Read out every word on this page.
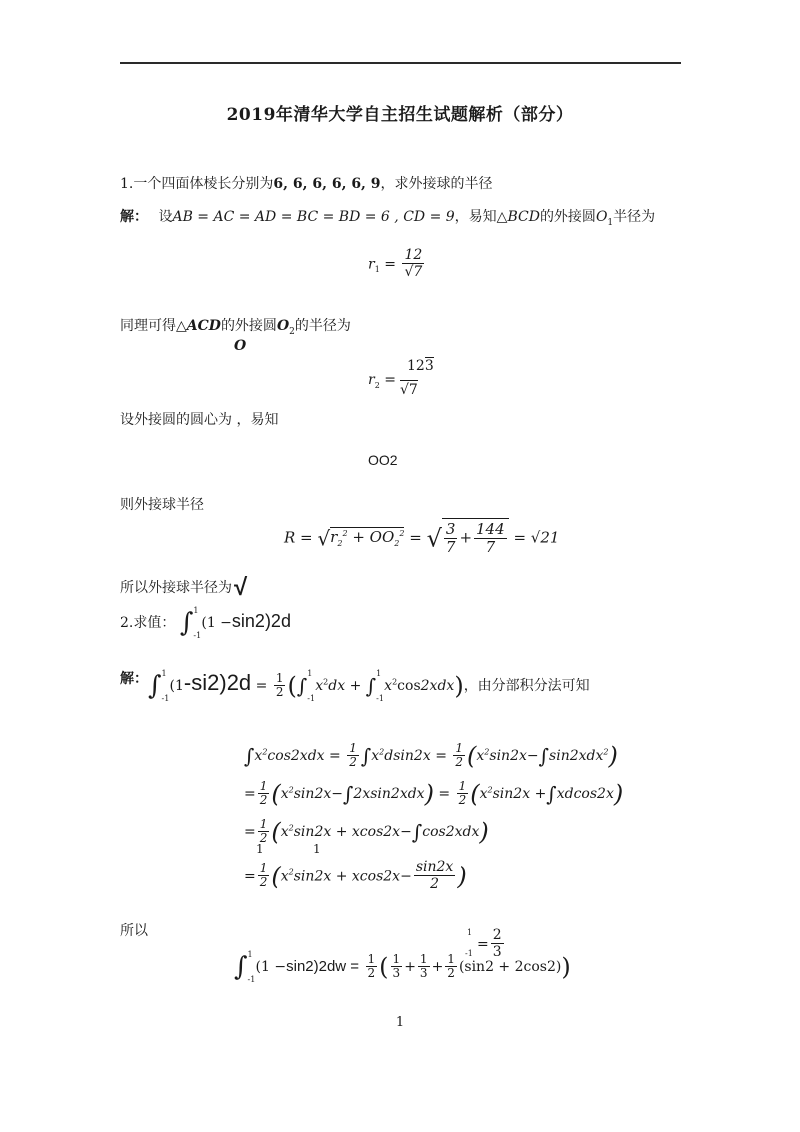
2019年清华大学自主招生试题解析（部分）
1.一个四面体棱长分别为6, 6, 6, 6, 6, 9，求外接球的半径
解： 设AB = AC = AD = BC = BD = 6 , CD = 9，易知△BCD的外接圆$O_1$半径为
$r_1 = \frac{12}{√7}$
同理可得△ACD的外接圆$O_2$的半径为
O
$r_2$ =
123
√7
设外接圆的圆心为 ，易知
OO2
则外接球半径
$R = √r_2^2 + OO_2^2$ = √ $\frac{3}{7} + \frac{144}{7} = √21$
所以外接球半径为√
2.求值： ∫ 1
-1
(1 −sin2)2d
解： ∫ 1
-1
$(1-si2)2d = \frac{1}{2}$ (∫
1
-1
$x^2dx$ + ∫
1
-1
$x^2\cos 2xdx$)，由分部积分法可知
$\int x^2\cos 2xdx = \frac{1}{2} \int x^2dsin2x = \frac{1}{2} (x^2\sin 2x-\int\sin 2xdx^2)$
= $\frac{1}{2} (x^2\sin 2x-\int 2xsin2xdx) = \frac{1}{2} (x^2\sin 2x +\int xdcos2x)$
= $\frac{1}{2} (x^2\sin 2x + xcos2x-\int\cos 2xdx)$
1	1
= $\frac{1}{2} (x^2\sin 2x + xcos2x- \frac{\sin 2x}{2}$ )
所以	1
-1
= $\frac{2}{3}$
∫ 1
-1
$(1 -\sin 2)2dw = \frac{1}{2}$ ( $\frac{1}{3} + \frac{1}{3} + \frac{1}{2} (\sin 2 + 2\cos 2)$)
1
